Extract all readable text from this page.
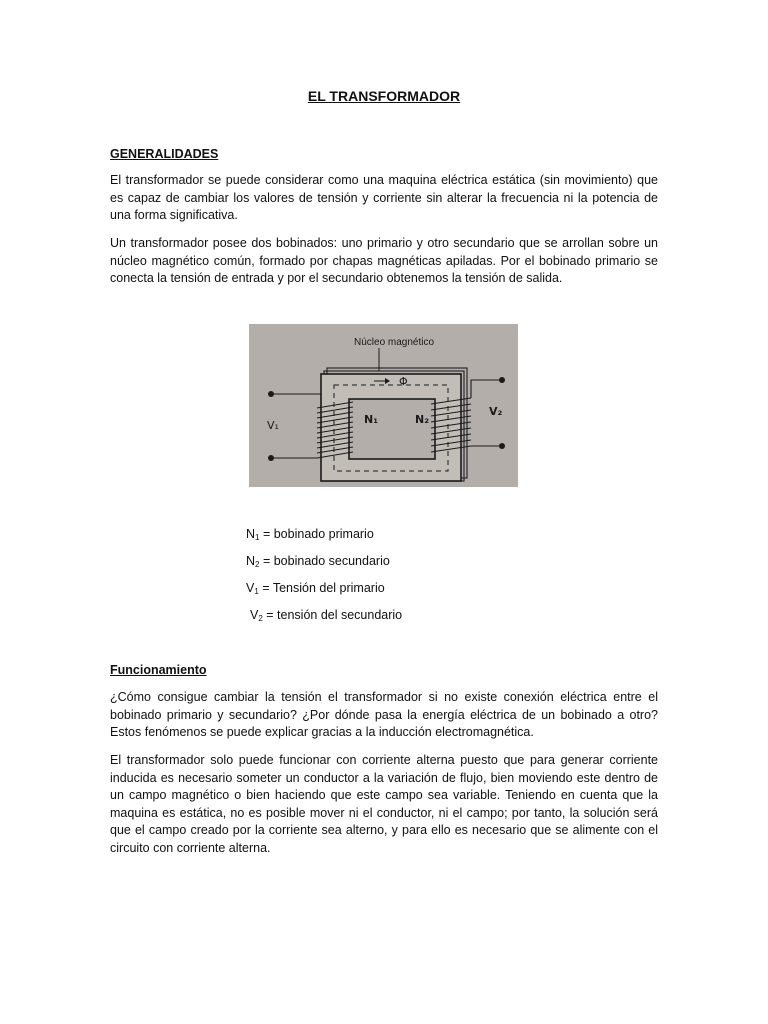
EL TRANSFORMADOR
GENERALIDADES

El transformador se puede considerar como una maquina eléctrica estática (sin movimiento) que es capaz de cambiar los valores de tensión y corriente sin alterar la frecuencia ni la potencia de una forma significativa.

Un transformador posee dos bobinados: uno primario y otro secundario que se arrollan sobre un núcleo magnético común, formado por chapas magnéticas apiladas. Por el bobinado primario se conecta la tensión de entrada y por el secundario obtenemos la tensión de salida.

Φ
Núcleo magnético
V₁
V₂
N₁	N₂
$N_1$ = bobinado primario
$N_2$ = bobinado secundario
$V_1$ = Tensión del primario
$V_2$ = tensión del secundario
Funcionamiento

¿Cómo consigue cambiar la tensión el transformador si no existe conexión eléctrica entre el bobinado primario y secundario? ¿Por dónde pasa la energía eléctrica de un bobinado a otro? Estos fenómenos se puede explicar gracias a la inducción electromagnética.

El transformador solo puede funcionar con corriente alterna puesto que para generar corriente inducida es necesario someter un conductor a la variación de flujo, bien moviendo este dentro de un campo magnético o bien haciendo que este campo sea variable. Teniendo en cuenta que la maquina es estática, no es posible mover ni el conductor, ni el campo; por tanto, la solución será que el campo creado por la corriente sea alterno, y para ello es necesario que se alimente con el circuito con corriente alterna.
